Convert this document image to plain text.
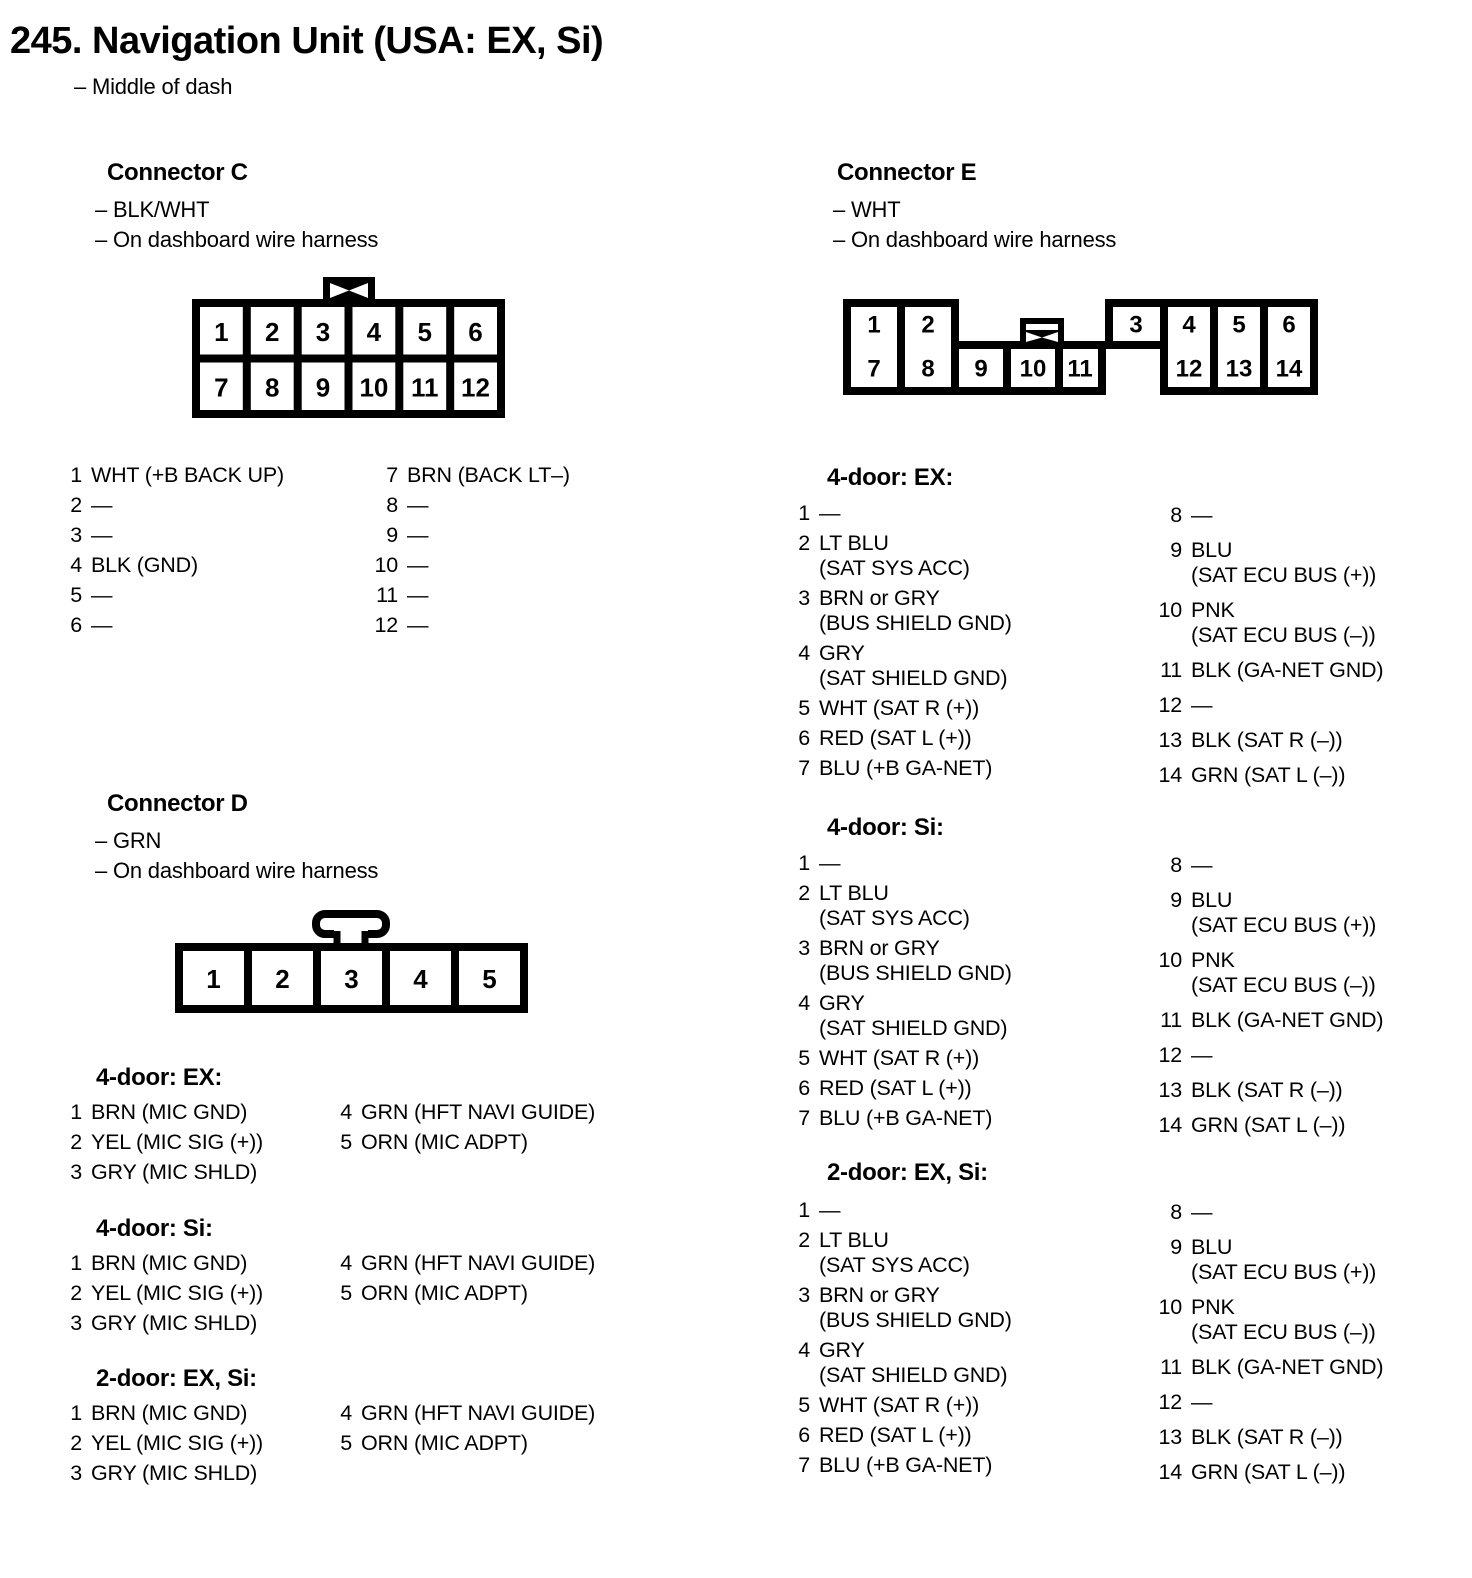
245. Navigation Unit (USA: EX, Si)
– Middle of dash
Connector C
– BLK/WHT
– On dashboard wire harness
1 2 3 4 5 6
7 8 9 10 11 12
1 WHT (+B BACK UP)
2 —
3 —
4 BLK (GND)
5 —
6 —
7 BRN (BACK LT–)
8 —
9 —
10 —
11 —
12 —
Connector D
– GRN
– On dashboard wire harness
1 2 3 4 5
4-door: EX:
1 BRN (MIC GND)
2 YEL (MIC SIG (+))
3 GRY (MIC SHLD)
4 GRN (HFT NAVI GUIDE)
5 ORN (MIC ADPT)
4-door: Si:
1 BRN (MIC GND)
2 YEL (MIC SIG (+))
3 GRY (MIC SHLD)
4 GRN (HFT NAVI GUIDE)
5 ORN (MIC ADPT)
2-door: EX, Si:
1 BRN (MIC GND)
2 YEL (MIC SIG (+))
3 GRY (MIC SHLD)
4 GRN (HFT NAVI GUIDE)
5 ORN (MIC ADPT)
Connector E
– WHT
– On dashboard wire harness
1 2	3 4 5 6
7 8 9 10 11	12 13 14
4-door: EX:
1 —
2 LT BLU
(SAT SYS ACC)
3 BRN or GRY
(BUS SHIELD GND)
4 GRY
(SAT SHIELD GND)
5 WHT (SAT R (+))
6 RED (SAT L (+))
7 BLU (+B GA-NET)
8 —
9 BLU
(SAT ECU BUS (+))
10 PNK
(SAT ECU BUS (–))
11 BLK (GA-NET GND)
12 —
13 BLK (SAT R (–))
14 GRN (SAT L (–))
4-door: Si:
1 —
2 LT BLU
(SAT SYS ACC)
3 BRN or GRY
(BUS SHIELD GND)
4 GRY
(SAT SHIELD GND)
5 WHT (SAT R (+))
6 RED (SAT L (+))
7 BLU (+B GA-NET)
8 —
9 BLU
(SAT ECU BUS (+))
10 PNK
(SAT ECU BUS (–))
11 BLK (GA-NET GND)
12 —
13 BLK (SAT R (–))
14 GRN (SAT L (–))
2-door: EX, Si:
1 —
2 LT BLU
(SAT SYS ACC)
3 BRN or GRY
(BUS SHIELD GND)
4 GRY
(SAT SHIELD GND)
5 WHT (SAT R (+))
6 RED (SAT L (+))
7 BLU (+B GA-NET)
8 —
9 BLU
(SAT ECU BUS (+))
10 PNK
(SAT ECU BUS (–))
11 BLK (GA-NET GND)
12 —
13 BLK (SAT R (–))
14 GRN (SAT L (–))
